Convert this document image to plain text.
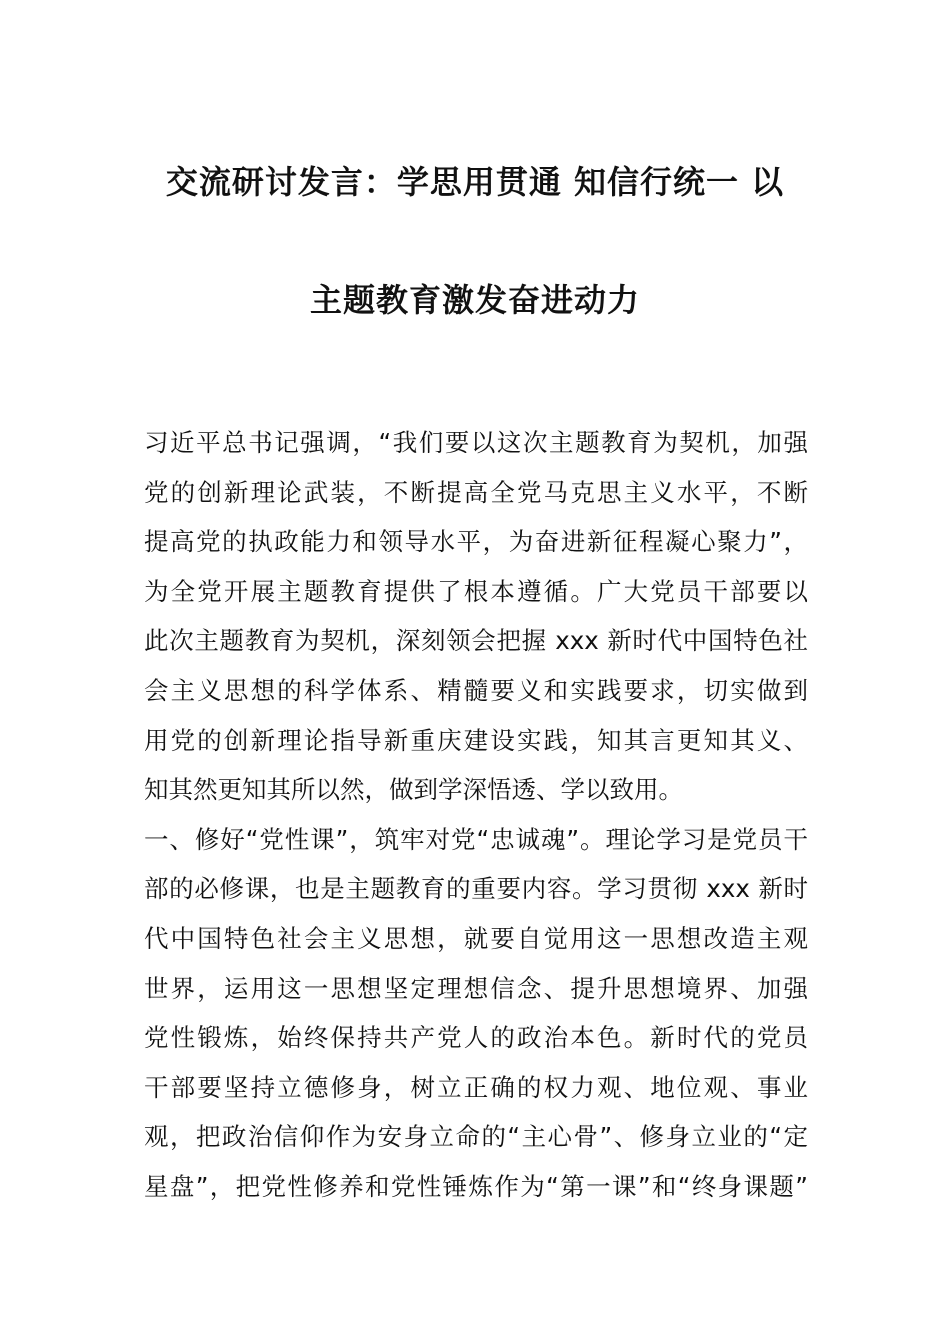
交流研讨发言：学思用贯通 知信行统一 以
主题教育激发奋进动力
习近平总书记强调，“我们要以这次主题教育为契机，加强
党的创新理论武装，不断提高全党马克思主义水平，不断
提高党的执政能力和领导水平，为奋进新征程凝心聚力”，
为全党开展主题教育提供了根本遵循。广大党员干部要以
此次主题教育为契机，深刻领会把握 xxx 新时代中国特色社
会主义思想的科学体系、精髓要义和实践要求，切实做到
用党的创新理论指导新重庆建设实践，知其言更知其义、
知其然更知其所以然，做到学深悟透、学以致用。
一、修好“党性课”，筑牢对党“忠诚魂”。理论学习是党员干
部的必修课，也是主题教育的重要内容。学习贯彻 xxx 新时
代中国特色社会主义思想，就要自觉用这一思想改造主观
世界，运用这一思想坚定理想信念、提升思想境界、加强
党性锻炼，始终保持共产党人的政治本色。新时代的党员
干部要坚持立德修身，树立正确的权力观、地位观、事业
观，把政治信仰作为安身立命的“主心骨”、修身立业的“定
星盘”，把党性修养和党性锤炼作为“第一课”和“终身课题”
